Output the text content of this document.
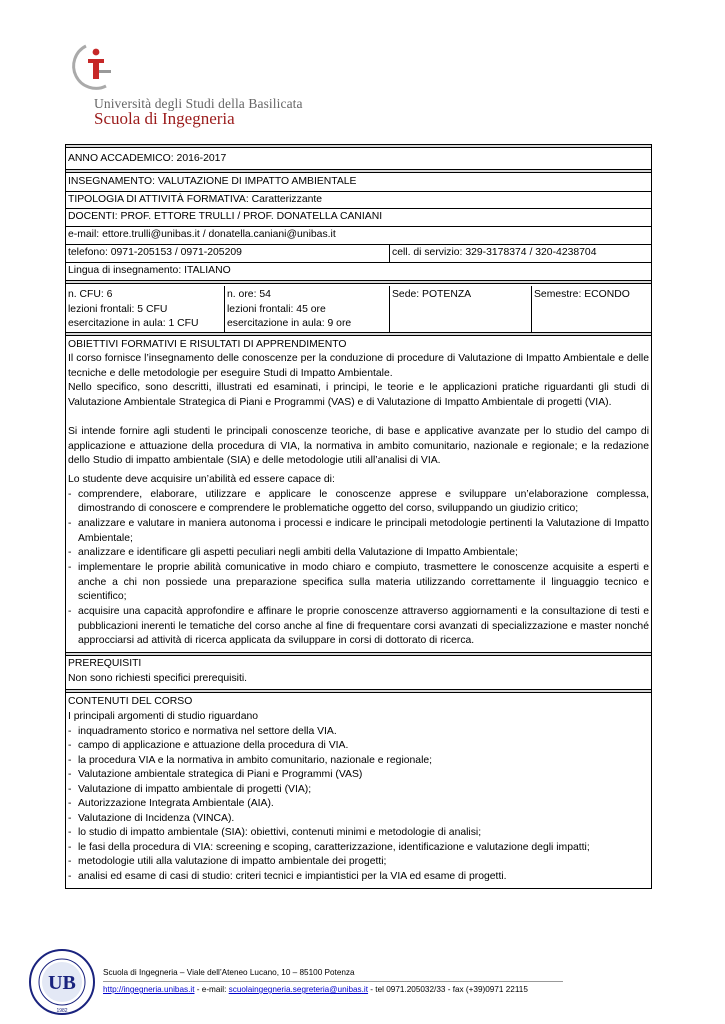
Università degli Studi della Basilicata
Scuola di Ingegneria
ANNO ACCADEMICO: 2016-2017
INSEGNAMENTO: VALUTAZIONE DI IMPATTO AMBIENTALE
TIPOLOGIA DI ATTIVITÀ FORMATIVA: Caratterizzante
DOCENTI: PROF. ETTORE TRULLI / PROF. DONATELLA CANIANI
e-mail: ettore.trulli@unibas.it / donatella.caniani@unibas.it
telefono: 0971-205153 / 0971-205209	cell. di servizio: 329-3178374 / 320-4238704
Lingua di insegnamento: ITALIANO
n. CFU: 6
lezioni frontali: 5 CFU
esercitazione in aula: 1 CFU
n. ore: 54
lezioni frontali: 45 ore
esercitazione in aula: 9 ore
Sede: POTENZA	Semestre: ECONDO
OBIETTIVI FORMATIVI E RISULTATI DI APPRENDIMENTO
Il corso fornisce l’insegnamento delle conoscenze per la conduzione di procedure di Valutazione di Impatto Ambientale e delle tecniche e delle metodologie per eseguire Studi di Impatto Ambientale.
Nello specifico, sono descritti, illustrati ed esaminati, i principi, le teorie e le applicazioni pratiche riguardanti gli studi di Valutazione Ambientale Strategica di Piani e Programmi (VAS) e di Valutazione di Impatto Ambientale di progetti (VIA).
Si intende fornire agli studenti le principali conoscenze teoriche, di base e applicative avanzate per lo studio del campo di applicazione e attuazione della procedura di VIA, la normativa in ambito comunitario, nazionale e regionale; e la redazione dello Studio di impatto ambientale (SIA) e delle metodologie utili all’analisi di VIA.
Lo studente deve acquisire un’abilità ed essere capace di:
- comprendere, elaborare, utilizzare e applicare le conoscenze apprese e sviluppare un’elaborazione complessa, dimostrando di conoscere e comprendere le problematiche oggetto del corso, sviluppando un giudizio critico;
- analizzare e valutare in maniera autonoma i processi e indicare le principali metodologie pertinenti la Valutazione di Impatto Ambientale;
- analizzare e identificare gli aspetti peculiari negli ambiti della Valutazione di Impatto Ambientale;
- implementare le proprie abilità comunicative in modo chiaro e compiuto, trasmettere le conoscenze acquisite a esperti e anche a chi non possiede una preparazione specifica sulla materia utilizzando correttamente il linguaggio tecnico e scientifico;
- acquisire una capacità approfondire e affinare le proprie conoscenze attraverso aggiornamenti e la consultazione di testi e pubblicazioni inerenti le tematiche del corso anche al fine di frequentare corsi avanzati di specializzazione e master nonché approcciarsi ad attività di ricerca applicata da sviluppare in corsi di dottorato di ricerca.
PREREQUISITI
Non sono richiesti specifici prerequisiti.
CONTENUTI DEL CORSO
I principali argomenti di studio riguardano
- inquadramento storico e normativa nel settore della VIA.
- campo di applicazione e attuazione della procedura di VIA.
- la procedura VIA e la normativa in ambito comunitario, nazionale e regionale;
- Valutazione ambientale strategica di Piani e Programmi (VAS)
- Valutazione di impatto ambientale di progetti (VIA);
- Autorizzazione Integrata Ambientale (AIA).
- Valutazione di Incidenza (VINCA).
- lo studio di impatto ambientale (SIA): obiettivi, contenuti minimi e metodologie di analisi;
- le fasi della procedura di VIA: screening e scoping, caratterizzazione, identificazione e valutazione degli impatti;
- metodologie utili alla valutazione di impatto ambientale dei progetti;
- analisi ed esame di casi di studio: criteri tecnici e impiantistici per la VIA ed esame di progetti.
UB
1982
Scuola di Ingegneria – Viale dell’Ateneo Lucano, 10 – 85100 Potenza
http://ingegneria.unibas.it - e-mail: scuolaingegneria.segreteria@unibas.it - tel 0971.205032/33 - fax (+39)0971 22115
